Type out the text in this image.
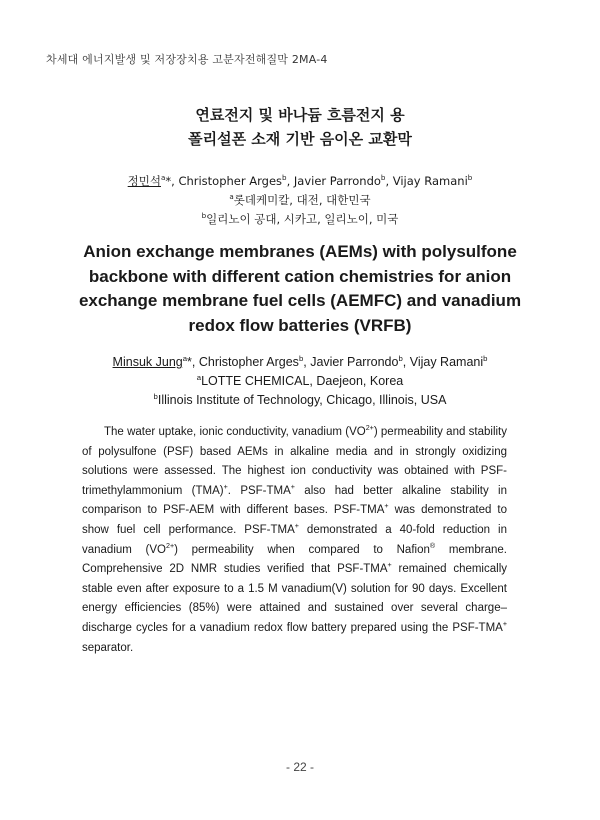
차세대 에너지발생 및 저장장치용 고분자전해질막 2MA-4
연료전지 및 바나듐 흐름전지 용
폴리설폰 소재 기반 음이온 교환막
정민석$^a$*, Christopher Arges$^b$, Javier Parrondo$^b$, Vijay Ramani$^b$
$^a$롯데케미칼, 대전, 대한민국
$^b$일리노이 공대, 시카고, 일리노이, 미국
Anion exchange membranes (AEMs) with polysulfone
backbone with different cation chemistries for anion
exchange membrane fuel cells (AEMFC) and vanadium
redox flow batteries (VRFB)
Minsuk Jung$^a$*, Christopher Arges$^b$, Javier Parrondo$^b$, Vijay Ramani$^b$
$^a$LOTTE CHEMICAL, Daejeon, Korea
$^b$Illinois Institute of Technology, Chicago, Illinois, USA

The water uptake, ionic conductivity, vanadium $(VO^{2+})$ permeability and stability of polysulfone (PSF) based AEMs in alkaline media and in strongly oxidizing solutions were assessed. The highest ion conductivity was obtained with PSF-trimethylammonium (TMA)+. PSF-TMA+ also had better alkaline stability in comparison to PSF-AEM with different bases. PSF-TMA+ was demonstrated to show fuel cell performance. PSF-TMA+ demonstrated a 40-fold reduction in vanadium $(VO^{2+})$ permeability when compared to Nafion® membrane. Comprehensive 2D NMR studies verified that PSF-TMA+ remained chemically stable even after exposure to a 1.5 M vanadium(V) solution for 90 days. Excellent energy efficiencies (85%) were attained and sustained over several charge–discharge cycles for a vanadium redox flow battery prepared using the PSF-TMA+ separator.

- 22 -
